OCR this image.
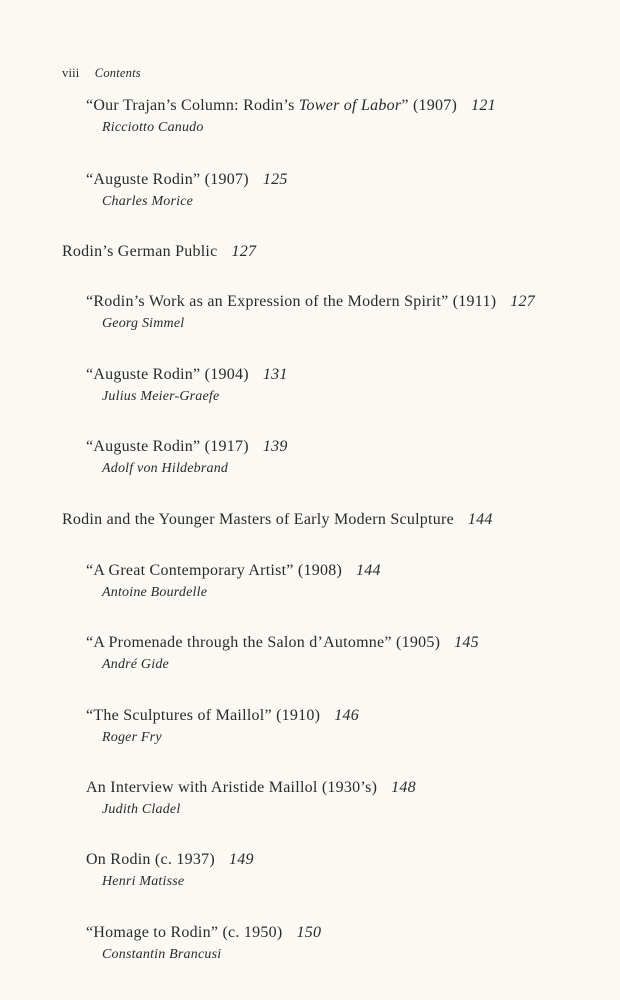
viii Contents
“Our Trajan’s Column: Rodin’s Tower of Labor” (1907) 121
Ricciotto Canudo
“Auguste Rodin” (1907) 125
Charles Morice
Rodin’s German Public 127
“Rodin’s Work as an Expression of the Modern Spirit” (1911) 127
Georg Simmel
“Auguste Rodin” (1904) 131
Julius Meier-Graefe
“Auguste Rodin” (1917) 139
Adolf von Hildebrand
Rodin and the Younger Masters of Early Modern Sculpture 144
“A Great Contemporary Artist” (1908) 144
Antoine Bourdelle
“A Promenade through the Salon d’Automne” (1905) 145
André Gide
“The Sculptures of Maillol” (1910) 146
Roger Fry
An Interview with Aristide Maillol (1930’s) 148
Judith Cladel
On Rodin (c. 1937) 149
Henri Matisse
“Homage to Rodin” (c. 1950) 150
Constantin Brancusi
